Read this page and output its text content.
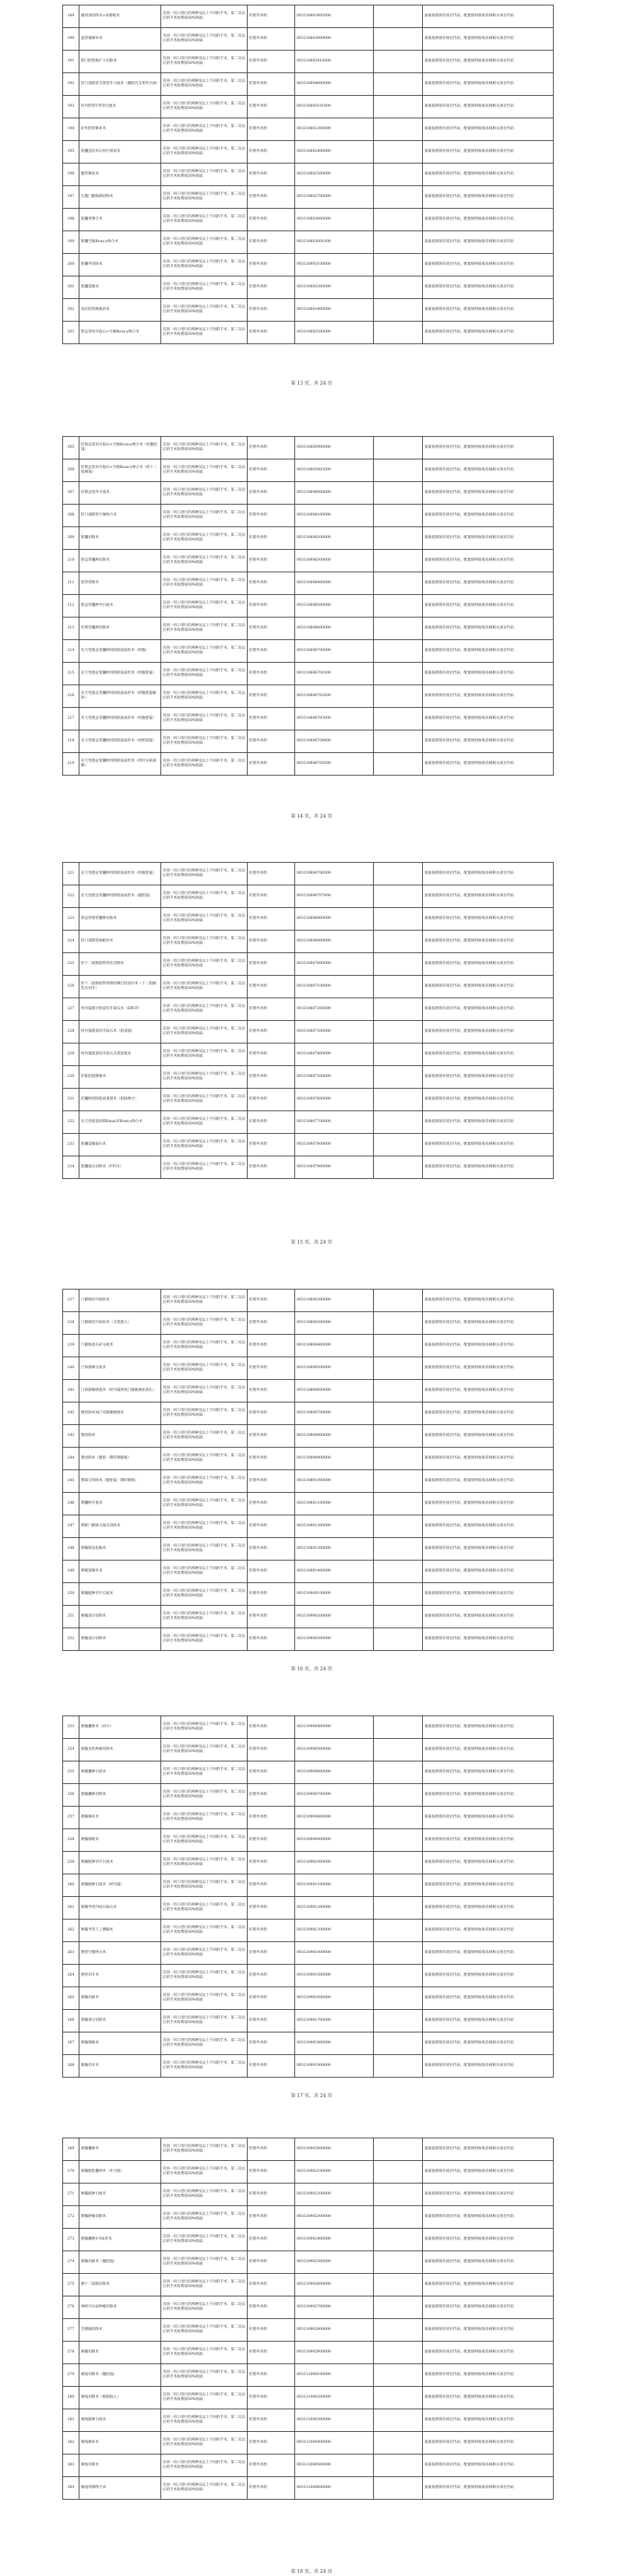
189	腋窝部切除术+再移植术	仅同一切口进行的两种及以上不同的手术，第二及以后的手术收费按50%收取	肝胆外术组	003310603905000		备案按照现有项目代码，配置规则加收乐相相关项目代码
190	盆管瘘修补术	仅同一切口进行的两种及以上不同的手术，第二及以后的手术收费按50%收取	肝胆外术组	003310603909000		备案按照现有项目代码，配置规则加收乐相相关项目代码
191	胆门胆管癌扩大切除术	仅同一切口进行的两种及以上不同的手术，第二及以后的手术收费按50%收取	肝胆外术组	003310603910000		备案按照现有项目代码，配置规则加收乐相相关项目代码
192	肝门部胆管支架管外引流术（腹腔内支架外引流）	仅同一切口进行的两种及以上不同的手术，第二及以后的手术收费按50%收取	肝胆外术组	003310604000000		备案按照现有项目代码，配置规则加收乐相相关项目代码
193	肝内胆管U形管引流术	仅同一切口进行的两种及以上不同的手术，第二及以后的手术收费按50%收取	肝胆外术组	003310605101000		备案按照现有项目代码，配置规则加收乐相相关项目代码
194	肝外胆管修补术	仅同一切口进行的两种及以上不同的手术，第二及以后的手术收费按50%收取	肝胆外术组	003310602300000		备案按照现有项目代码，配置规则加收乐相相关项目代码
195	胆囊造切术后执行胆道术	仅同一切口进行的两种及以上不同的手术，第二及以后的手术收费按50%收取	肝胆外术组	003310602400000		备案按照现有项目代码，配置规则加收乐相相关项目代码
196	腹管修复术	仅同一切口进行的两种及以上不同的手术，第二及以后的手术收费按50%收取	肝胆外术组	003310602500000		备案按照现有项目代码，配置规则加收乐相相关项目代码
197	左腹门静脉插切除术	仅同一切口进行的两种及以上不同的手术，第二及以后的手术收费按50%收取	肝胆外术组	003310602700000		备案按照现有项目代码，配置规则加收乐相相关项目代码
198	胆囊胃吻合术	仅同一切口进行的两种及以上不同的手术，第二及以后的手术收费按50%收取	肝胆外术组	003310603000000		备案按照现有项目代码，配置规则加收乐相相关项目代码
199	胆囊空肠Roux-y吻合术	仅同一切口进行的两种及以上不同的手术，第二及以后的手术收费按50%收取	肝胆外术组	003310603001000		备案按照现有项目代码，配置规则加收乐相相关项目代码
200	胆囊外切除术	仅同一切口进行的两种及以上不同的手术，第二及以后的手术收费按50%收取	肝胆外术组	003310603100000		备案按照现有项目代码，配置规则加收乐相相关项目代码
201	胆囊造瘘术	仅同一切口进行的两种及以上不同的手术，第二及以后的手术收费按50%收取	肝胆外术组	003310603200000		备案按照现有项目代码，配置规则加收乐相相关项目代码
202	高位胆管癌根治术	仅同一切口进行的两种及以上不同的手术，第二及以后的手术收费按50%收取	肝胆外术组	003310603400000		备案按照现有项目代码，配置规则加收乐相相关项目代码
203	胆总管切开取石+空肠Roux-y吻合术	仅同一切口进行的两种及以上不同的手术，第二及以后的手术收费按50%收取	肝胆外术组	003310603500000		备案按照现有项目代码，配置规则加收乐相相关项目代码
第 13 页，共 24 页
205	肝胆总管切开取石+空肠Roux-y吻合术（经腹腔镜）	仅同一切口进行的两种及以上不同的手术，第二及以后的手术收费按50%收取	肝胆外术组	003310605900000		备案按照现有项目代码，配置规则加收乐相相关项目代码
206	肝胆总管切开取石+空肠Roux-y吻合术（经十二指肠镜）	仅同一切口进行的两种及以上不同的手术，第二及以后的手术收费按50%收取	肝胆外术组	003310605903000		备案按照现有项目代码，配置规则加收乐相相关项目代码
207	肝胆总管外引流术	仅同一切口进行的两种及以上不同的手术，第二及以后的手术收费按50%收取	肝胆外术组	003310606000000		备案按照现有项目代码，配置规则加收乐相相关项目代码
208	肝门部胆管空肠吻合术	仅同一切口进行的两种及以上不同的手术，第二及以后的手术收费按50%收取	肝胆外术组	003310606100000		备案按照现有项目代码，配置规则加收乐相相关项目代码
209	胆囊切除术	仅同一切口进行的两种及以上不同的手术，第二及以后的手术收费按50%收取	肝胆外术组	003310606200000		备案按照现有项目代码，配置规则加收乐相相关项目代码
210	胆总管囊肿切除术	仅同一切口进行的两种及以上不同的手术，第二及以后的手术收费按50%收取	肝胆外术组	003310606300000		备案按照现有项目代码，配置规则加收乐相相关项目代码
211	胆管替换术	仅同一切口进行的两种及以上不同的手术，第二及以后的手术收费按50%收取	肝胆外术组	003310606400000		备案按照现有项目代码，配置规则加收乐相相关项目代码
212	胆总管囊肿外引流术	仅同一切口进行的两种及以上不同的手术，第二及以后的手术收费按50%收取	肝胆外术组	003310606500000		备案按照现有项目代码，配置规则加收乐相相关项目代码
213	肝胆管囊肿切除术	仅同一切口进行的两种及以上不同的手术，第二及以后的手术收费按50%收取	肝胆外术组	003310606600000		备案按照现有项目代码，配置规则加收乐相相关项目代码
214	先天性胆总管囊肿切除胆道成形术（经腹）	仅同一切口进行的两种及以上不同的手术，第二及以后的手术收费按50%收取	肝胆外术组	003310606700000		备案按照现有项目代码，配置规则加收乐相相关项目代码
215	先天性胆总管囊肿切除胆道成形术（经腹腔镜）	仅同一切口进行的两种及以上不同的手术，第二及以后的手术收费按50%收取	肝胆外术组	003310606701000		备案按照现有项目代码，配置规则加收乐相相关项目代码
216	先天性胆总管囊肿切除胆道成形术（经腹腔镜辅助）	仅同一切口进行的两种及以上不同的手术，第二及以后的手术收费按50%收取	肝胆外术组	003310606702000		备案按照现有项目代码，配置规则加收乐相相关项目代码
217	先天性胆总管囊肿切除胆道成形术（经腹腔镜）	仅同一切口进行的两种及以上不同的手术，第二及以后的手术收费按50%收取	肝胆外术组	003310606703000		备案按照现有项目代码，配置规则加收乐相相关项目代码
218	先天性胆总管囊肿切除胆道成形术（经胆道镜）	仅同一切口进行的两种及以上不同的手术，第二及以后的手术收费按50%收取	肝胆外术组	003310606704000		备案按照现有项目代码，配置规则加收乐相相关项目代码
219	先天性胆总管囊肿切除胆道成形术（经肝实质离断）	仅同一切口进行的两种及以上不同的手术，第二及以后的手术收费按50%收取	肝胆外术组	003310606705000		备案按照现有项目代码，配置规则加收乐相相关项目代码
第 14 页，共 24 页
221	先天性胆总管囊肿切除胆道成形术（经腹腔镜）	仅同一切口进行的两种及以上不同的手术，第二及以后的手术收费按50%收取	肝胆外术组	003310606706000		备案按照现有项目代码，配置规则加收乐相相关项目代码
222	先天性胆总管囊肿切除胆道成形术（腹腔镜）	仅同一切口进行的两种及以上不同的手术，第二及以后的手术收费按50%收取	肝胆外术组	003310606707000		备案按照现有项目代码，配置规则加收乐相相关项目代码
223	胆总管胆管囊肿切除术	仅同一切口进行的两种及以上不同的手术，第二及以后的手术收费按50%收取	肝胆外术组	003310606800000		备案按照现有项目代码，配置规则加收乐相相关项目代码
224	肝门部胆管癌根治术	仅同一切口进行的两种及以上不同的手术，第二及以后的手术收费按50%收取	肝胆外术组	003310606900000		备案按照现有项目代码，配置规则加收乐相相关项目代码
225	肝十二指肠韧带骨化切除术	仅同一切口进行的两种及以上不同的手术，第二及以后的手术收费按50%收取	肝胆外术组	003310607000000		备案按照现有项目代码，配置规则加收乐相相关项目代码
226	肝十二指肠韧带周围的淋巴结清扫术（十二指肠乳头切开）	仅同一切口进行的两种及以上不同的手术，第二及以后的手术收费按50%收取	肝胆外术组	003310607100000		备案按照现有项目代码，配置规则加收乐相相关项目代码
227	经内镜胆汁胆道切开取石术（ERCP）	仅同一切口进行的两种及以上不同的手术，第二及以后的手术收费按50%收取	肝胆外术组	003310607200000		备案按照现有项目代码，配置规则加收乐相相关项目代码
228	经内镜胆道切开取石术（胆道镜）	仅同一切口进行的两种及以上不同的手术，第二及以后的手术收费按50%收取	肝胆外术组	003310607300000		备案按照现有项目代码，配置规则加收乐相相关项目代码
229	经内镜胆道切开取石支架放置术	仅同一切口进行的两种及以上不同的手术，第二及以后的手术收费按50%收取	肝胆外术组	003310607400000		备案按照现有项目代码，配置规则加收乐相相关项目代码
230	肝脏胆道移植术	仅同一切口进行的两种及以上不同的手术，第二及以后的手术收费按50%收取	肝胆外术组	003310607500000		备案按照现有项目代码，配置规则加收乐相相关项目代码
231	肝囊肿切除胆道重建术（胆肠吻合）	仅同一切口进行的两种及以上不同的手术，第二及以后的手术收费按50%收取	肝胆外术组	003310607600000		备案按照现有项目代码，配置规则加收乐相相关项目代码
232	先天性胆道闭锁Kasai术Roux-y吻合术	仅同一切口进行的两种及以上不同的手术，第二及以后的手术收费按50%收取	肝胆外术组	003310607700000		备案按照现有项目代码，配置规则加收乐相相关项目代码
233	胆囊造瘘取石术	仅同一切口进行的两种及以上不同的手术，第二及以后的手术收费按50%收取	肝胆外术组	003310607800000		备案按照现有项目代码，配置规则加收乐相相关项目代码
234	胆囊取石切除术（PTCS）	仅同一切口进行的两种及以上不同的手术，第二及以后的手术收费按50%收取	肝胆外术组	003310607900000		备案按照现有项目代码，配置规则加收乐相相关项目代码
第 15 页，共 24 页
237	门静脉切开取栓术	仅同一切口进行的两种及以上不同的手术，第二及以后的手术收费按50%收取	肝胆外术组	003310800200000		备案按照现有项目代码，配置规则加收乐相相关项目代码
238	门静脉切开取栓术（支架置入）	仅同一切口进行的两种及以上不同的手术，第二及以后的手术收费按50%收取	肝胆外术组	003310800300000		备案按照现有项目代码，配置规则加收乐相相关项目代码
239	门静脉高压症分流术	仅同一切口进行的两种及以上不同的手术，第二及以后的手术收费按50%收取	肝胆外术组	003310800400000		备案按照现有项目代码，配置规则加收乐相相关项目代码
240	门体静脉分流术	仅同一切口进行的两种及以上不同的手术，第二及以后的手术收费按50%收取	肝胆外术组	003310800500000		备案按照现有项目代码，配置规则加收乐相相关项目代码
241	门体静脉断流术（经内镜胃底门静脉曲张套扎）	仅同一切口进行的两种及以上不同的手术，第二及以后的手术收费按50%收取	肝胆外术组	003310800600000		备案按照现有项目代码，配置规则加收乐相相关项目代码
242	脾切除术加门奇静脉断流术	仅同一切口进行的两种及以上不同的手术，第二及以后的手术收费按50%收取	肝胆外术组	003310800700000		备案按照现有项目代码，配置规则加收乐相相关项目代码
243	脾切除术	仅同一切口进行的两种及以上不同的手术，第二及以后的手术收费按50%收取	肝胆外术组	003310800800000		备案按照现有项目代码，配置规则加收乐相相关项目代码
244	脾切除术（腹腔一期肝脾移植）	仅同一切口进行的两种及以上不同的手术，第二及以后的手术收费按50%收取	肝胆外术组	003310800900000		备案按照现有项目代码，配置规则加收乐相相关项目代码
245	脾部分切除术（腹腔镜一期肝移植）	仅同一切口进行的两种及以上不同的手术，第二及以后的手术收费按50%收取	肝胆外术组	003310801000000		备案按照现有项目代码，配置规则加收乐相相关项目代码
246	脾囊肿开窗术	仅同一切口进行的两种及以上不同的手术，第二及以后的手术收费按50%收取	肝胆外术组	003310801100000		备案按照现有项目代码，配置规则加收乐相相关项目代码
247	脾脏门静脉交通支切除术	仅同一切口进行的两种及以上不同的手术，第二及以后的手术收费按50%收取	肝胆外术组	003310801200000		备案按照现有项目代码，配置规则加收乐相相关项目代码
248	胰腺粘连松解术	仅同一切口进行的两种及以上不同的手术，第二及以后的手术收费按50%收取	肝胆外术组	003310801300000		备案按照现有项目代码，配置规则加收乐相相关项目代码
249	脾破裂修补术	仅同一切口进行的两种及以上不同的手术，第二及以后的手术收费按50%收取	肝胆外术组	003310801400000		备案按照现有项目代码，配置规则加收乐相相关项目代码
250	胰腺脓肿切开引流术	仅同一切口进行的两种及以上不同的手术，第二及以后的手术收费按50%收取	肝胆外术组	003310900100000		备案按照现有项目代码，配置规则加收乐相相关项目代码
251	胰腺部分切除术	仅同一切口进行的两种及以上不同的手术，第二及以后的手术收费按50%收取	肝胆外术组	003310900200000		备案按照现有项目代码，配置规则加收乐相相关项目代码
252	胰腺部分切除术	仅同一切口进行的两种及以上不同的手术，第二及以后的手术收费按50%收取	肝胆外术组	003310900300000		备案按照现有项目代码，配置规则加收乐相相关项目代码
第 16 页，共 24 页
253	胰腺囊肿术（切开）	仅同一切口进行的两种及以上不同的手术，第二及以后的手术收费按50%收取	肝胆外术组	003310900400000		备案按照现有项目代码，配置规则加收乐相相关项目代码
254	胰腺良性肿瘤切除术	仅同一切口进行的两种及以上不同的手术，第二及以后的手术收费按50%收取	肝胆外术组	003310900500000		备案按照现有项目代码，配置规则加收乐相相关项目代码
255	胰腺囊肿引流术	仅同一切口进行的两种及以上不同的手术，第二及以后的手术收费按50%收取	肝胆外术组	003310900600000		备案按照现有项目代码，配置规则加收乐相相关项目代码
256	胰腺囊肿切除术	仅同一切口进行的两种及以上不同的手术，第二及以后的手术收费按50%收取	肝胆外术组	003310900700000		备案按照现有项目代码，配置规则加收乐相相关项目代码
257	胰腺修补术	仅同一切口进行的两种及以上不同的手术，第二及以后的手术收费按50%收取	肝胆外术组	003310900800000		备案按照现有项目代码，配置规则加收乐相相关项目代码
258	胰腺移植术	仅同一切口进行的两种及以上不同的手术，第二及以后的手术收费按50%收取	肝胆外术组	003310900900000		备案按照现有项目代码，配置规则加收乐相相关项目代码
259	胰腺脓肿切开引流术	仅同一切口进行的两种及以上不同的手术，第二及以后的手术收费按50%收取	肝胆外术组	003310901000000		备案按照现有项目代码，配置规则加收乐相相关项目代码
260	胰腺脓肿引流术（经内镜）	仅同一切口进行的两种及以上不同的手术，第二及以后的手术收费按50%收取	肝胆外术组	003310901100000		备案按照现有项目代码，配置规则加收乐相相关项目代码
261	胰腺导管内结石取石术	仅同一切口进行的两种及以上不同的手术，第二及以后的手术收费按50%收取	肝胆外术组	003310901200000		备案按照现有项目代码，配置规则加收乐相相关项目代码
262	胰腺导管人工胰腺术	仅同一切口进行的两种及以上不同的手术，第二及以后的手术收费按50%收取	肝胆外术组	003310901300000		备案按照现有项目代码，配置规则加收乐相相关项目代码
263	胰管空肠吻合术	仅同一切口进行的两种及以上不同的手术，第二及以后的手术收费按50%收取	肝胆外术组	003310901400000		备案按照现有项目代码，配置规则加收乐相相关项目代码
264	胰管切开术	仅同一切口进行的两种及以上不同的手术，第二及以后的手术收费按50%收取	肝胆外术组	003310901500000		备案按照现有项目代码，配置规则加收乐相相关项目代码
265	胰腺切除术	仅同一切口进行的两种及以上不同的手术，第二及以后的手术收费按50%收取	肝胆外术组	003310901600000		备案按照现有项目代码，配置规则加收乐相相关项目代码
266	胰腺部分切除术	仅同一切口进行的两种及以上不同的手术，第二及以后的手术收费按50%收取	肝胆外术组	003310901700000		备案按照现有项目代码，配置规则加收乐相相关项目代码
267	胰腺移植术	仅同一切口进行的两种及以上不同的手术，第二及以后的手术收费按50%收取	肝胆外术组	003310901800000		备案按照现有项目代码，配置规则加收乐相相关项目代码
268	胰腺切开术	仅同一切口进行的两种及以上不同的手术，第二及以后的手术收费按50%收取	肝胆外术组	003310901900000		备案按照现有项目代码，配置规则加收乐相相关项目代码
第 17 页，共 24 页
269	胰腺囊肿术	仅同一切口进行的两种及以上不同的手术，第二及以后的手术收费按50%收取	肝胆外术组	003310902000000		备案按照现有项目代码，配置规则加收乐相相关项目代码
270	胰腺假性囊肿术（外引流）	仅同一切口进行的两种及以上不同的手术，第二及以后的手术收费按50%收取	肝胆外术组	003310902100000		备案按照现有项目代码，配置规则加收乐相相关项目代码
271	胰腺脓肿引流术	仅同一切口进行的两种及以上不同的手术，第二及以后的手术收费按50%收取	肝胆外术组	003310902200000		备案按照现有项目代码，配置规则加收乐相相关项目代码
272	胰腺肿瘤切除术	仅同一切口进行的两种及以上不同的手术，第二及以后的手术收费按50%收取	肝胆外术组	003310902300000		备案按照现有项目代码，配置规则加收乐相相关项目代码
273	胰腺囊肿5-Y成形术	仅同一切口进行的两种及以上不同的手术，第二及以后的手术收费按50%收取	肝胆外术组	003310902400000		备案按照现有项目代码，配置规则加收乐相相关项目代码
274	胰腺切除术（腹腔镜）	仅同一切口进行的两种及以上不同的手术，第二及以后的手术收费按50%收取	肝胆外术组	003310902500000		备案按照现有项目代码，配置规则加收乐相相关项目代码
275	胰十二指肠切除术	仅同一切口进行的两种及以上不同的手术，第二及以后的手术收费按50%收取	肝胆外术组	003310902600000		备案按照现有项目代码，配置规则加收乐相相关项目代码
276	神经内分泌肿瘤切除术	仅同一切口进行的两种及以上不同的手术，第二及以后的手术收费按50%收取	肝胆外术组	003310902700000		备案按照现有项目代码，配置规则加收乐相相关项目代码
277	全胰腺切除术	仅同一切口进行的两种及以上不同的手术，第二及以后的手术收费按50%收取	肝胆外术组	003310902800000		备案按照现有项目代码，配置规则加收乐相相关项目代码
278	胰腺切除术	仅同一切口进行的两种及以上不同的手术，第二及以后的手术收费按50%收取	肝胆外术组	003310902900000		备案按照现有项目代码，配置规则加收乐相相关项目代码
279	阑尾切除术（腹腔镜）	仅同一切口进行的两种及以上不同的手术，第二及以后的手术收费按50%收取	肝胆外术组	003311000100000		备案按照现有项目代码，配置规则加收乐相相关项目代码
280	阑尾切除术（数据值入）	仅同一切口进行的两种及以上不同的手术，第二及以后的手术收费按50%收取	肝胆外术组	003311000200000		备案按照现有项目代码，配置规则加收乐相相关项目代码
281	阑尾脓肿引流术	仅同一切口进行的两种及以上不同的手术，第二及以后的手术收费按50%收取	肝胆外术组	003311000300000		备案按照现有项目代码，配置规则加收乐相相关项目代码
282	阑尾修补术	仅同一切口进行的两种及以上不同的手术，第二及以后的手术收费按50%收取	肝胆外术组	003311000400000		备案按照现有项目代码，配置规则加收乐相相关项目代码
283	阑尾切除术	仅同一切口进行的两种及以上不同的手术，第二及以后的手术收费按50%收取	肝胆外术组	003311000500000		备案按照现有项目代码，配置规则加收乐相相关项目代码
284	阑尾周围吻合术	仅同一切口进行的两种及以上不同的手术，第二及以后的手术收费按50%收取	肝胆外术组	003311000600000		备案按照现有项目代码，配置规则加收乐相相关项目代码
第 18 页，共 24 页
